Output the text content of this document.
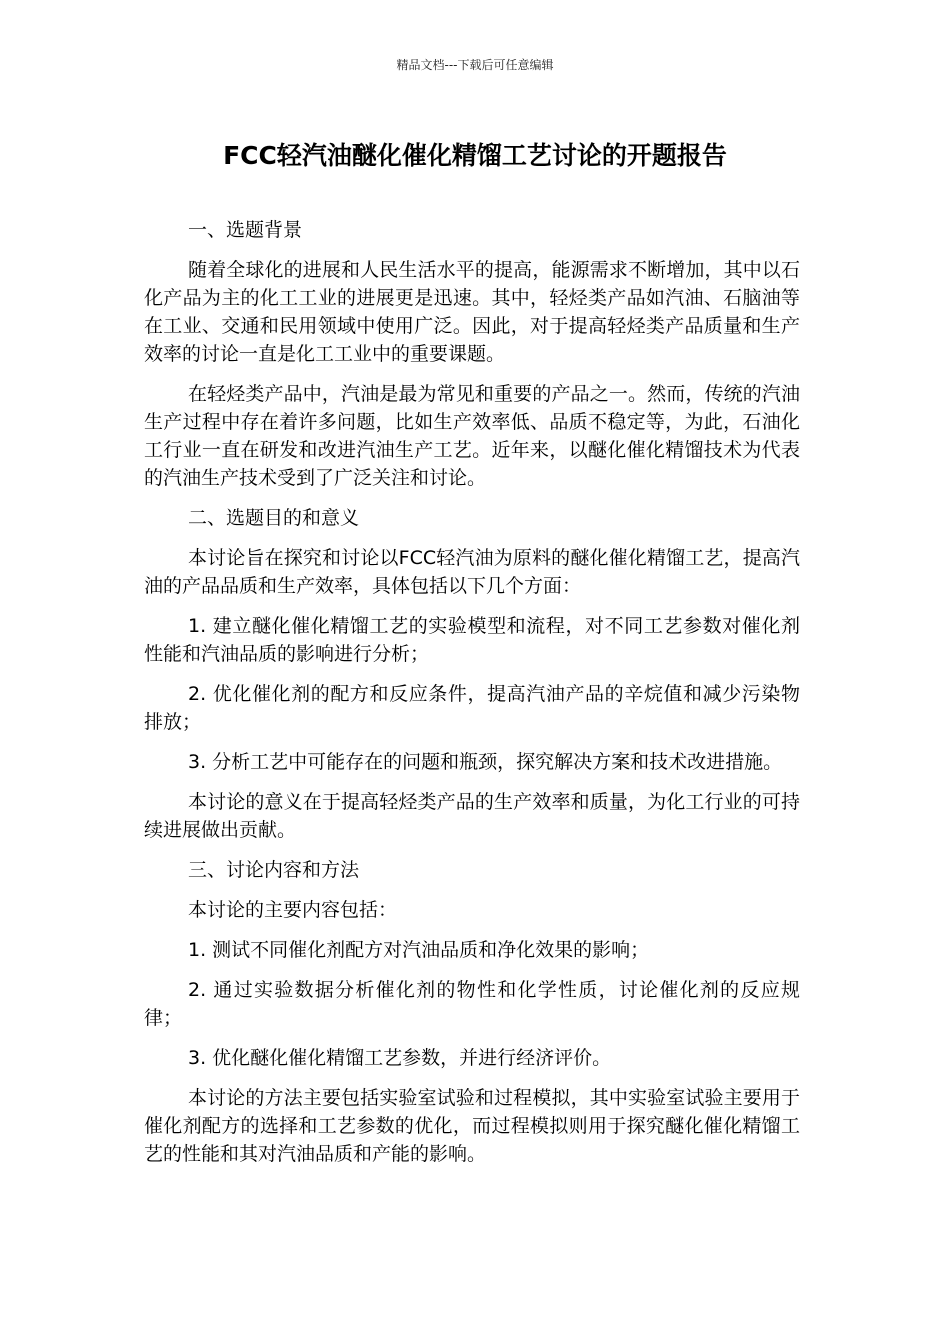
精品文档---下载后可任意编辑
FCC轻汽油醚化催化精馏工艺讨论的开题报告

一、选题背景

随着全球化的进展和人民生活水平的提高，能源需求不断增加，其中以石化产品为主的化工工业的进展更是迅速。其中，轻烃类产品如汽油、石脑油等在工业、交通和民用领域中使用广泛。因此，对于提高轻烃类产品质量和生产效率的讨论一直是化工工业中的重要课题。

在轻烃类产品中，汽油是最为常见和重要的产品之一。然而，传统的汽油生产过程中存在着许多问题，比如生产效率低、品质不稳定等，为此，石油化工行业一直在研发和改进汽油生产工艺。近年来，以醚化催化精馏技术为代表的汽油生产技术受到了广泛关注和讨论。

二、选题目的和意义

本讨论旨在探究和讨论以FCC轻汽油为原料的醚化催化精馏工艺，提高汽油的产品品质和生产效率，具体包括以下几个方面：

1. 建立醚化催化精馏工艺的实验模型和流程，对不同工艺参数对催化剂性能和汽油品质的影响进行分析；

2. 优化催化剂的配方和反应条件，提高汽油产品的辛烷值和减少污染物排放；

3. 分析工艺中可能存在的问题和瓶颈，探究解决方案和技术改进措施。

本讨论的意义在于提高轻烃类产品的生产效率和质量，为化工行业的可持续进展做出贡献。

三、讨论内容和方法

本讨论的主要内容包括：

1. 测试不同催化剂配方对汽油品质和净化效果的影响；

2. 通过实验数据分析催化剂的物性和化学性质，讨论催化剂的反应规律；

3. 优化醚化催化精馏工艺参数，并进行经济评价。

本讨论的方法主要包括实验室试验和过程模拟，其中实验室试验主要用于催化剂配方的选择和工艺参数的优化，而过程模拟则用于探究醚化催化精馏工艺的性能和其对汽油品质和产能的影响。
